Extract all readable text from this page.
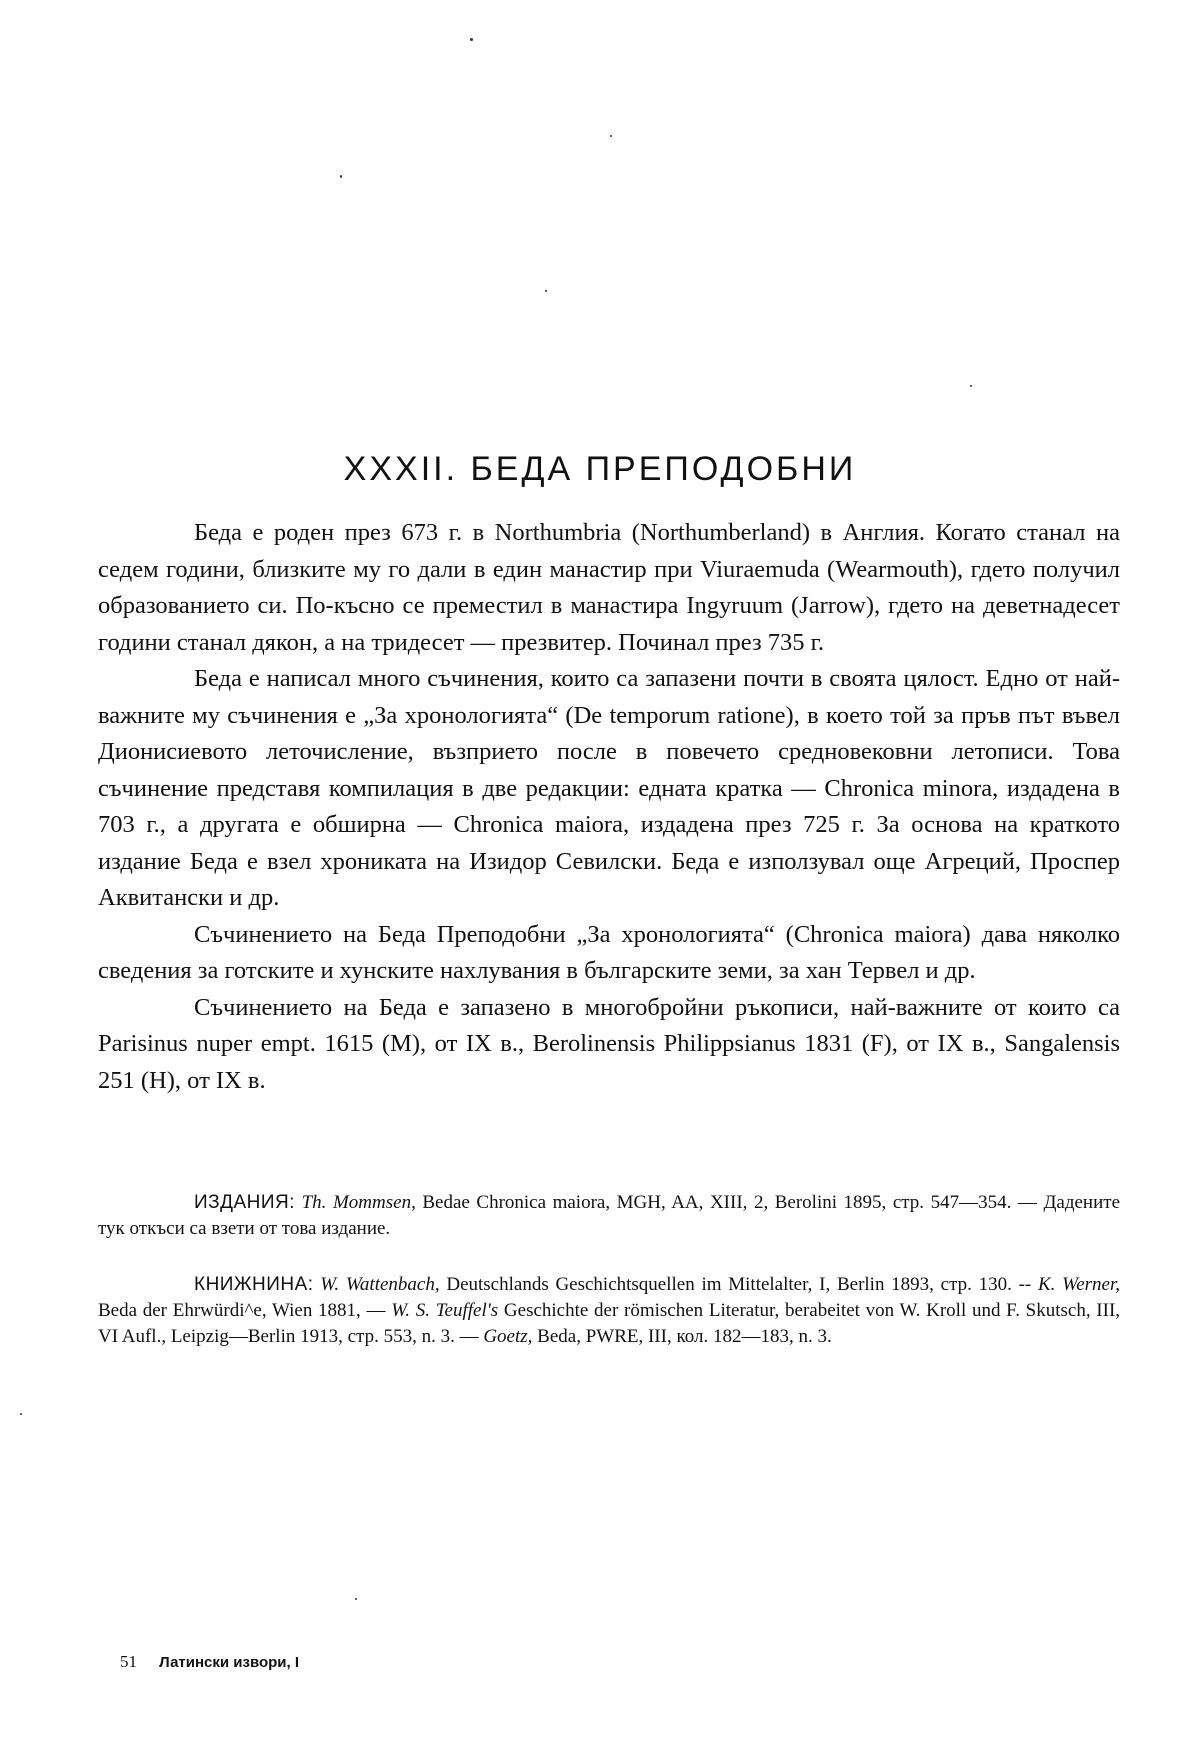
XXXII. БЕДА ПРЕПОДОБНИ

Беда е роден през 673 г. в Northumbria (Northumberland) в Англия. Когато станал на седем години, близките му го дали в един манастир при Viuraemuda (Wearmouth), гдето получил образованието си. По-късно се преместил в манастира Ingyruum (Jarrow), гдето на деветнадесет години станал дякон, а на тридесет — презвитер. Починал през 735 г.

Беда е написал много съчинения, които са запазени почти в своята цялост. Едно от най-важните му съчинения е „За хронологията“ (De temporum ratione), в което той за пръв път въвел Дионисиевото леточисление, възприето после в повечето средновековни летописи. Това съчинение представя компилация в две редакции: едната кратка — Chronica minora, издадена в 703 г., а другата е обширна — Chronica maiora, издадена през 725 г. За основа на краткото издание Беда е взел хрониката на Изидор Севилски. Беда е използувал още Агреций, Проспер Аквитански и др.

Съчинението на Беда Преподобни „За хронологията“ (Chronica maiora) дава няколко сведения за готските и хунските нахлувания в българските земи, за хан Тервел и др.

Съчинението на Беда е запазено в многобройни ръкописи, най-важните от които са Parisinus nuper empt. 1615 (M), от IX в., Berolinensis Philippsianus 1831 (F), от IX в., Sangalensis 251 (H), от IX в.

ИЗДАНИЯ: Th. Mommsen, Bedae Chronica maiora, MGH, AA, XIII, 2, Berolini 1895, стр. 547—354. — Дадените тук откъси са взети от това издание.

КНИЖНИНА: W. Wattenbach, Deutschlands Geschichtsquellen im Mittelalter, I, Berlin 1893, стр. 130. -- K. Werner, Beda der Ehrwürdi^e, Wien 1881, — W. S. Teuffel's Geschichte der römischen Literatur, berabeitet von W. Kroll und F. Skutsch, III, VI Aufl., Leipzig—Berlin 1913, стр. 553, n. 3. — Goetz, Beda, PWRE, III, кол. 182—183, n. 3.

51 Латински извори, I
